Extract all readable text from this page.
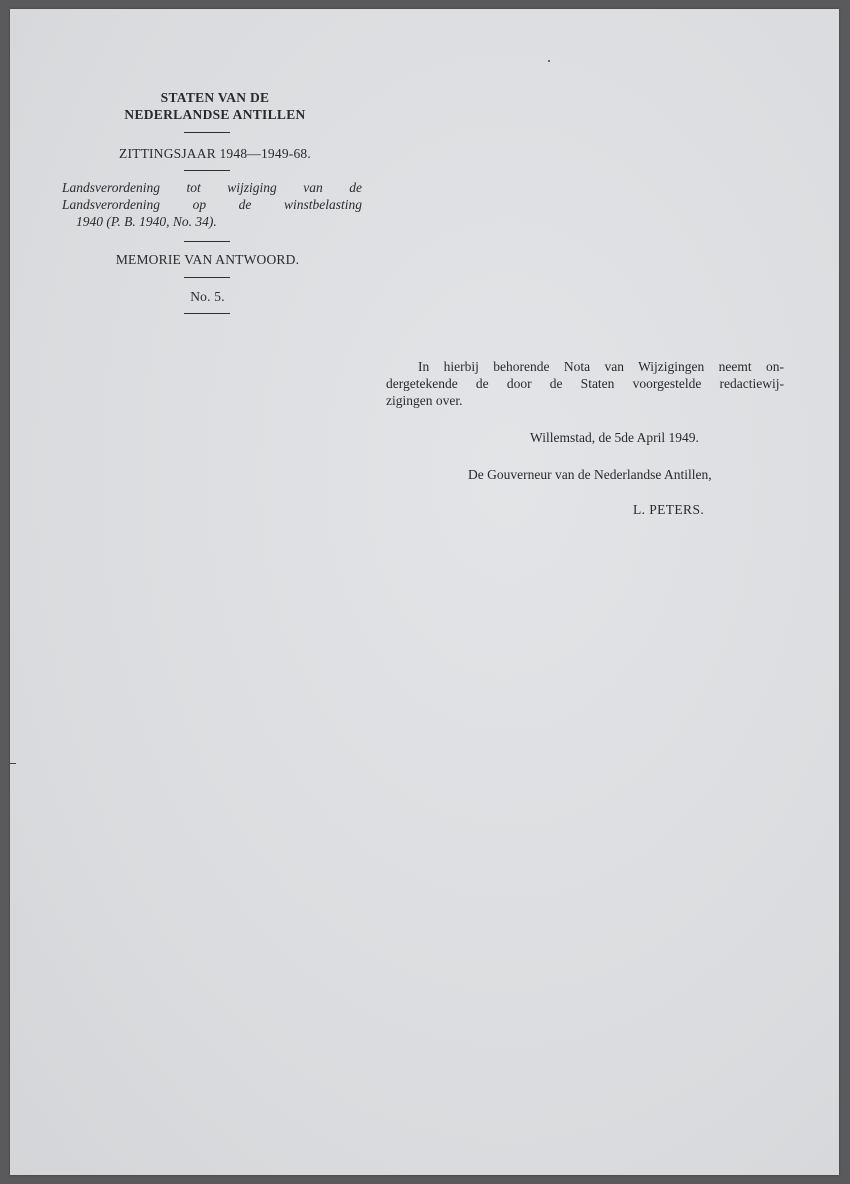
STATEN VAN DE
NEDERLANDSE ANTILLEN
ZITTINGSJAAR 1948—1949-68.
Landsverordening tot wijziging van de
Landsverordening op de winstbelasting
1940 (P. B. 1940, No. 34).
MEMORIE VAN ANTWOORD.
No. 5.
In hierbij behorende Nota van Wijzigingen neemt on-
dergetekende de door de Staten voorgestelde redactiewij-
zigingen over.
Willemstad, de 5de April 1949.
De Gouverneur van de Nederlandse Antillen,
L. PETERS.
